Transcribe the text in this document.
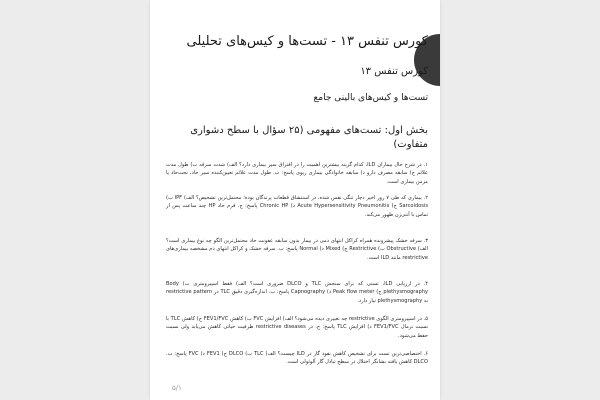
کورس تنفس ۱۳ - تست‌ها و کیس‌های تحلیلی
کورس تنفس ۱۳
تست‌ها و کیس‌های بالینی جامع
بخش اول: تست‌های مفهومی (۲۵ سؤال با سطح دشواری متفاوت)

۱. در شرح حال بیماران ILD، کدام گزینه بیشترین اهمیت را در افتراق سیر بیماری دارد؟ الف) شدت سرفه ب) طول مدت علائم ج) سابقه مصرف دارو د) سابقه خانوادگی بیماری ریوی پاسخ: ب. طول مدت علائم تعیین‌کننده سیر حاد، تحت‌حاد یا مزمن بیماری است.

۲. بیماری که طی ۷ روز اخیر دچار تنگی نفس شده، در استنشاق قطعات پرندگان بوده؛ محتمل‌ترین تشخیص؟ الف) IPF ب) Sarcoidosis ج) Acute Hypersensitivity Pneumonitis د) Chronic HP پاسخ: ج. فرم حاد HP چند ساعت پس از تماس با آنتی‌ژن ظهور می‌کند.

۳. سرفه خشک پیشرونده همراه کراکل انتهای دمی در بیمار بدون سابقه عفونت حاد محتمل‌ترین الگو چه نوع بیماری است؟ الف) Obstructive ب) Restrictive ج) Mixed د) Normal پاسخ: ب. سرفه خشک و کراکل انتهای دم مشخصه بیماری‌های restrictive مانند ILD است.

۴. در ارزیابی ILD، تستی که برای سنجش TLC و DLCO ضروری است؟ الف) فقط اسپیرومتری ب) Body plethysmography ج) Peak flow meter د) Capnography پاسخ: ب. اندازه‌گیری دقیق TLC در restrictive pattern به plethysmography نیاز دارد.

۵. در اسپیرومتری الگوی restrictive چه تغییری دیده می‌شود؟ الف) افزایش FVC ب) کاهش FEV1/FVC ج) کاهش TLC با نسبت نرمال FEV1/FVC د) افزایش TLC پاسخ: ج. در restrictive diseases ظرفیت حیاتی کاهش می‌یابد ولی نسبت حفظ می‌شود.

۶. اختصاصی‌ترین تست برای تشخیص کاهش نفوذ گاز در ILD چیست؟ الف) TLC ب) DLCO ج) FEV1 د) FVC پاسخ: ب. DLCO کاهش یافته نشانگر اختلال در سطح تبادل گاز آلوئولی است.

۵/۱
